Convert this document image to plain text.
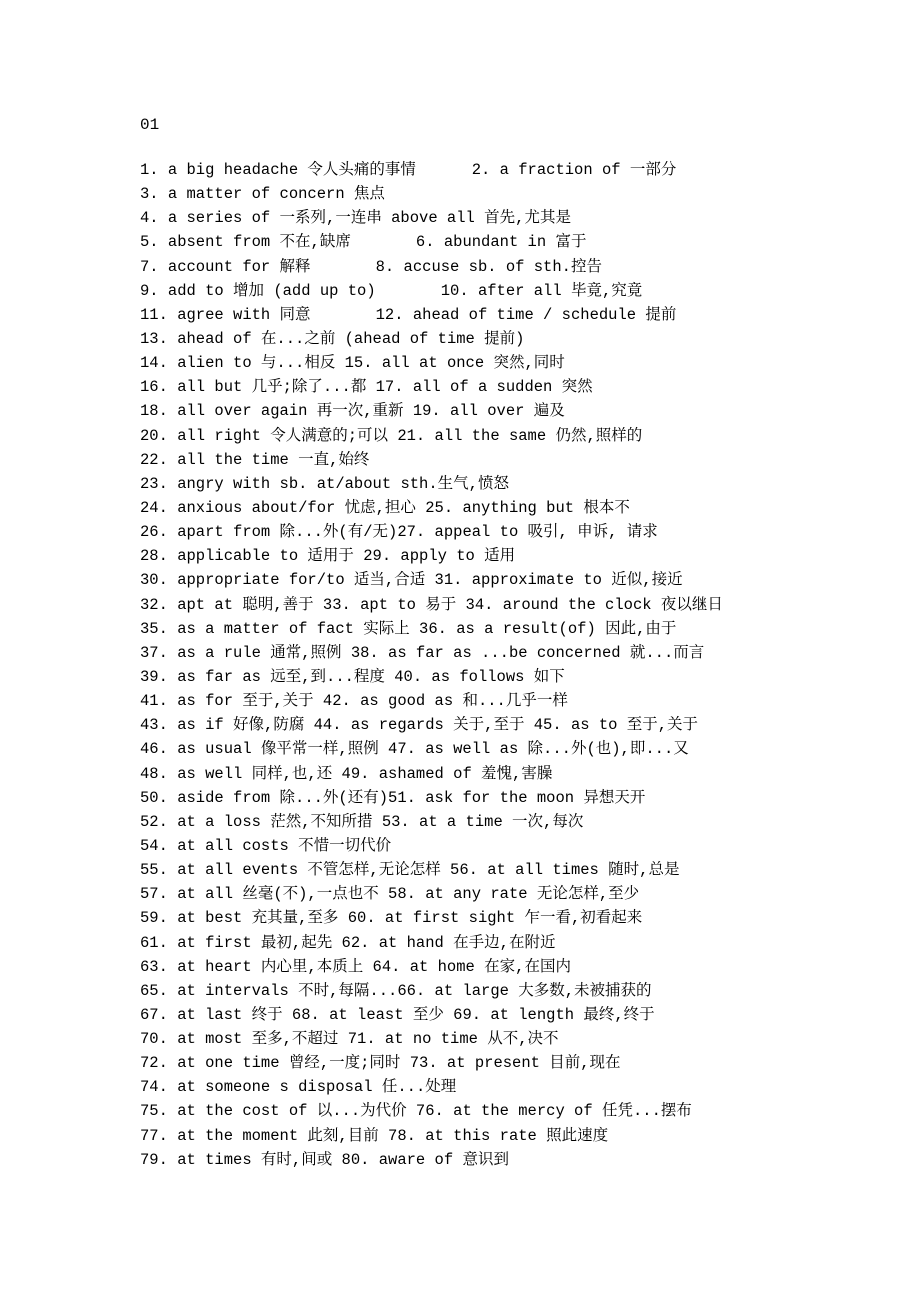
01
1. a big headache 令人头痛的事情      2. a fraction of 一部分
3. a matter of concern 焦点
4. a series of 一系列,一连串 above all 首先,尤其是
5. absent from 不在,缺席       6. abundant in 富于
7. account for 解释       8. accuse sb. of sth.控告
9. add to 增加 (add up to)       10. after all 毕竟,究竟
11. agree with 同意       12. ahead of time / schedule 提前
13. ahead of 在...之前 (ahead of time 提前)
14. alien to 与...相反 15. all at once 突然,同时
16. all but 几乎;除了...都 17. all of a sudden 突然
18. all over again 再一次,重新 19. all over 遍及
20. all right 令人满意的;可以 21. all the same 仍然,照样的
22. all the time 一直,始终
23. angry with sb. at/about sth.生气,愤怒
24. anxious about/for 忧虑,担心 25. anything but 根本不
26. apart from 除...外(有/无)27. appeal to 吸引, 申诉, 请求
28. applicable to 适用于 29. apply to 适用
30. appropriate for/to 适当,合适 31. approximate to 近似,接近
32. apt at 聪明,善于 33. apt to 易于 34. around the clock 夜以继日
35. as a matter of fact 实际上 36. as a result(of) 因此,由于
37. as a rule 通常,照例 38. as far as ...be concerned 就...而言
39. as far as 远至,到...程度 40. as follows 如下
41. as for 至于,关于 42. as good as 和...几乎一样
43. as if 好像,防腐 44. as regards 关于,至于 45. as to 至于,关于
46. as usual 像平常一样,照例 47. as well as 除...外(也),即...又
48. as well 同样,也,还 49. ashamed of 羞愧,害臊
50. aside from 除...外(还有)51. ask for the moon 异想天开
52. at a loss 茫然,不知所措 53. at a time 一次,每次
54. at all costs 不惜一切代价
55. at all events 不管怎样,无论怎样 56. at all times 随时,总是
57. at all 丝毫(不),一点也不 58. at any rate 无论怎样,至少
59. at best 充其量,至多 60. at first sight 乍一看,初看起来
61. at first 最初,起先 62. at hand 在手边,在附近
63. at heart 内心里,本质上 64. at home 在家,在国内
65. at intervals 不时,每隔...66. at large 大多数,未被捕获的
67. at last 终于 68. at least 至少 69. at length 最终,终于
70. at most 至多,不超过 71. at no time 从不,决不
72. at one time 曾经,一度;同时 73. at present 目前,现在
74. at someone s disposal 任...处理
75. at the cost of 以...为代价 76. at the mercy of 任凭...摆布
77. at the moment 此刻,目前 78. at this rate 照此速度
79. at times 有时,间或 80. aware of 意识到
